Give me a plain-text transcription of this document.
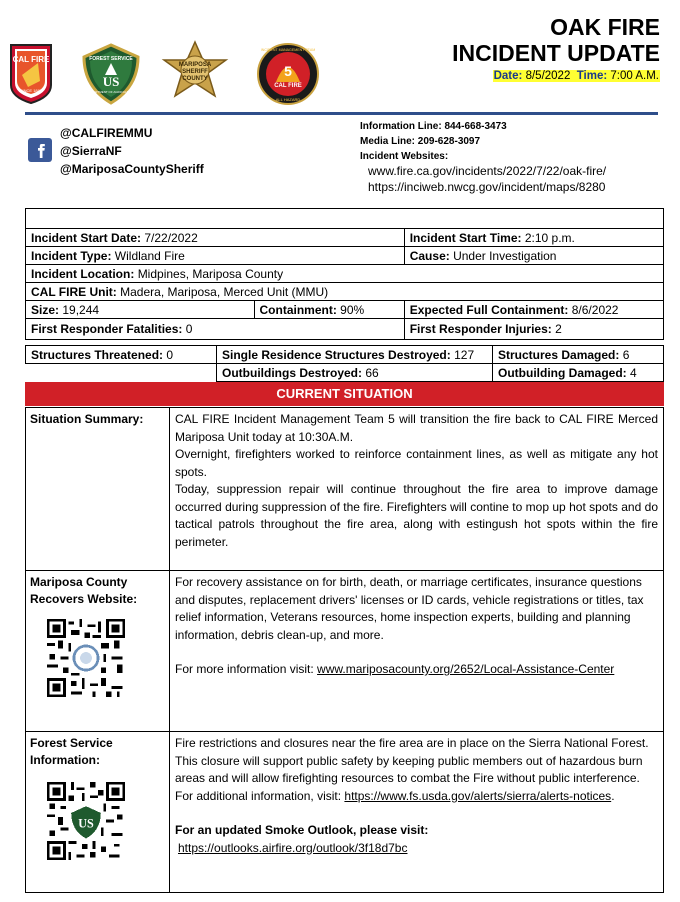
CAL FIRE
SINCE 1885
FOREST SERVICE
US
DEPARTMENT OF AGRICULTURE
MARIPOSA
SHERIFF
COUNTY	5
CAL FIRE
INCIDENT MANAGEMENT TEAM
ALL HAZARD
OAK FIRE
INCIDENT UPDATE
Date: 8/5/2022 Time: 7:00 A.M.
@CALFIREMMU
@SierraNF
@MariposaCountySheriff
Information Line: 844-668-3473
Media Line: 209-628-3097
Incident Websites:
www.fire.ca.gov/incidents/2022/7/22/oak-fire/
https://inciweb.nwcg.gov/incident/maps/8280

Incident Start Date: 7/22/2022		Incident Start Time: 2:10 p.m.
Incident Type: Wildland Fire		Cause: Under Investigation
Incident Location: Midpines, Mariposa County		
CAL FIRE Unit: Madera, Mariposa, Merced Unit (MMU)		
Size: 19,244	Containment: 90%	Expected Full Containment: 8/6/2022
First Responder Fatalities: 0		First Responder Injuries: 2
Structures Threatened: 0	Single Residence Structures Destroyed: 127	Structures Damaged: 6
	Outbuildings Destroyed: 66	Outbuilding Damaged: 4
CURRENT SITUATION
Situation Summary:	CAL FIRE Incident Management Team 5 will transition the fire back to CAL FIRE Merced Mariposa Unit today at 10:30A.M.
Overnight, firefighters worked to reinforce containment lines, as well as mitigate any hot spots.
Today, suppression repair will continue throughout the fire area to improve damage occurred during suppression of the fire. Firefighters will contine to mop up hot spots and do tactical patrols throughout the fire area, along with estingush hot spots within the fire perimeter.
Mariposa County Recovers Website:
For recovery assistance on for birth, death, or marriage certificates, insurance questions and disputes, replacement drivers' licenses or ID cards, vehicle registrations or titles, tax relief information, Veterans resources, home inspection experts, building and planning information, debris clean-up, and more.
For more information visit: www.mariposacounty.org/2652/Local-Assistance-Center
Forest Service Information:
US
Fire restrictions and closures near the fire area are in place on the Sierra National Forest. This closure will support public safety by keeping public members out of hazardous burn areas and will allow firefighting resources to combat the Fire without public interference. For additional information, visit: https://www.fs.usda.gov/alerts/sierra/alerts-notices.
For an updated Smoke Outlook, please visit:
https://outlooks.airfire.org/outlook/3f18d7bc
